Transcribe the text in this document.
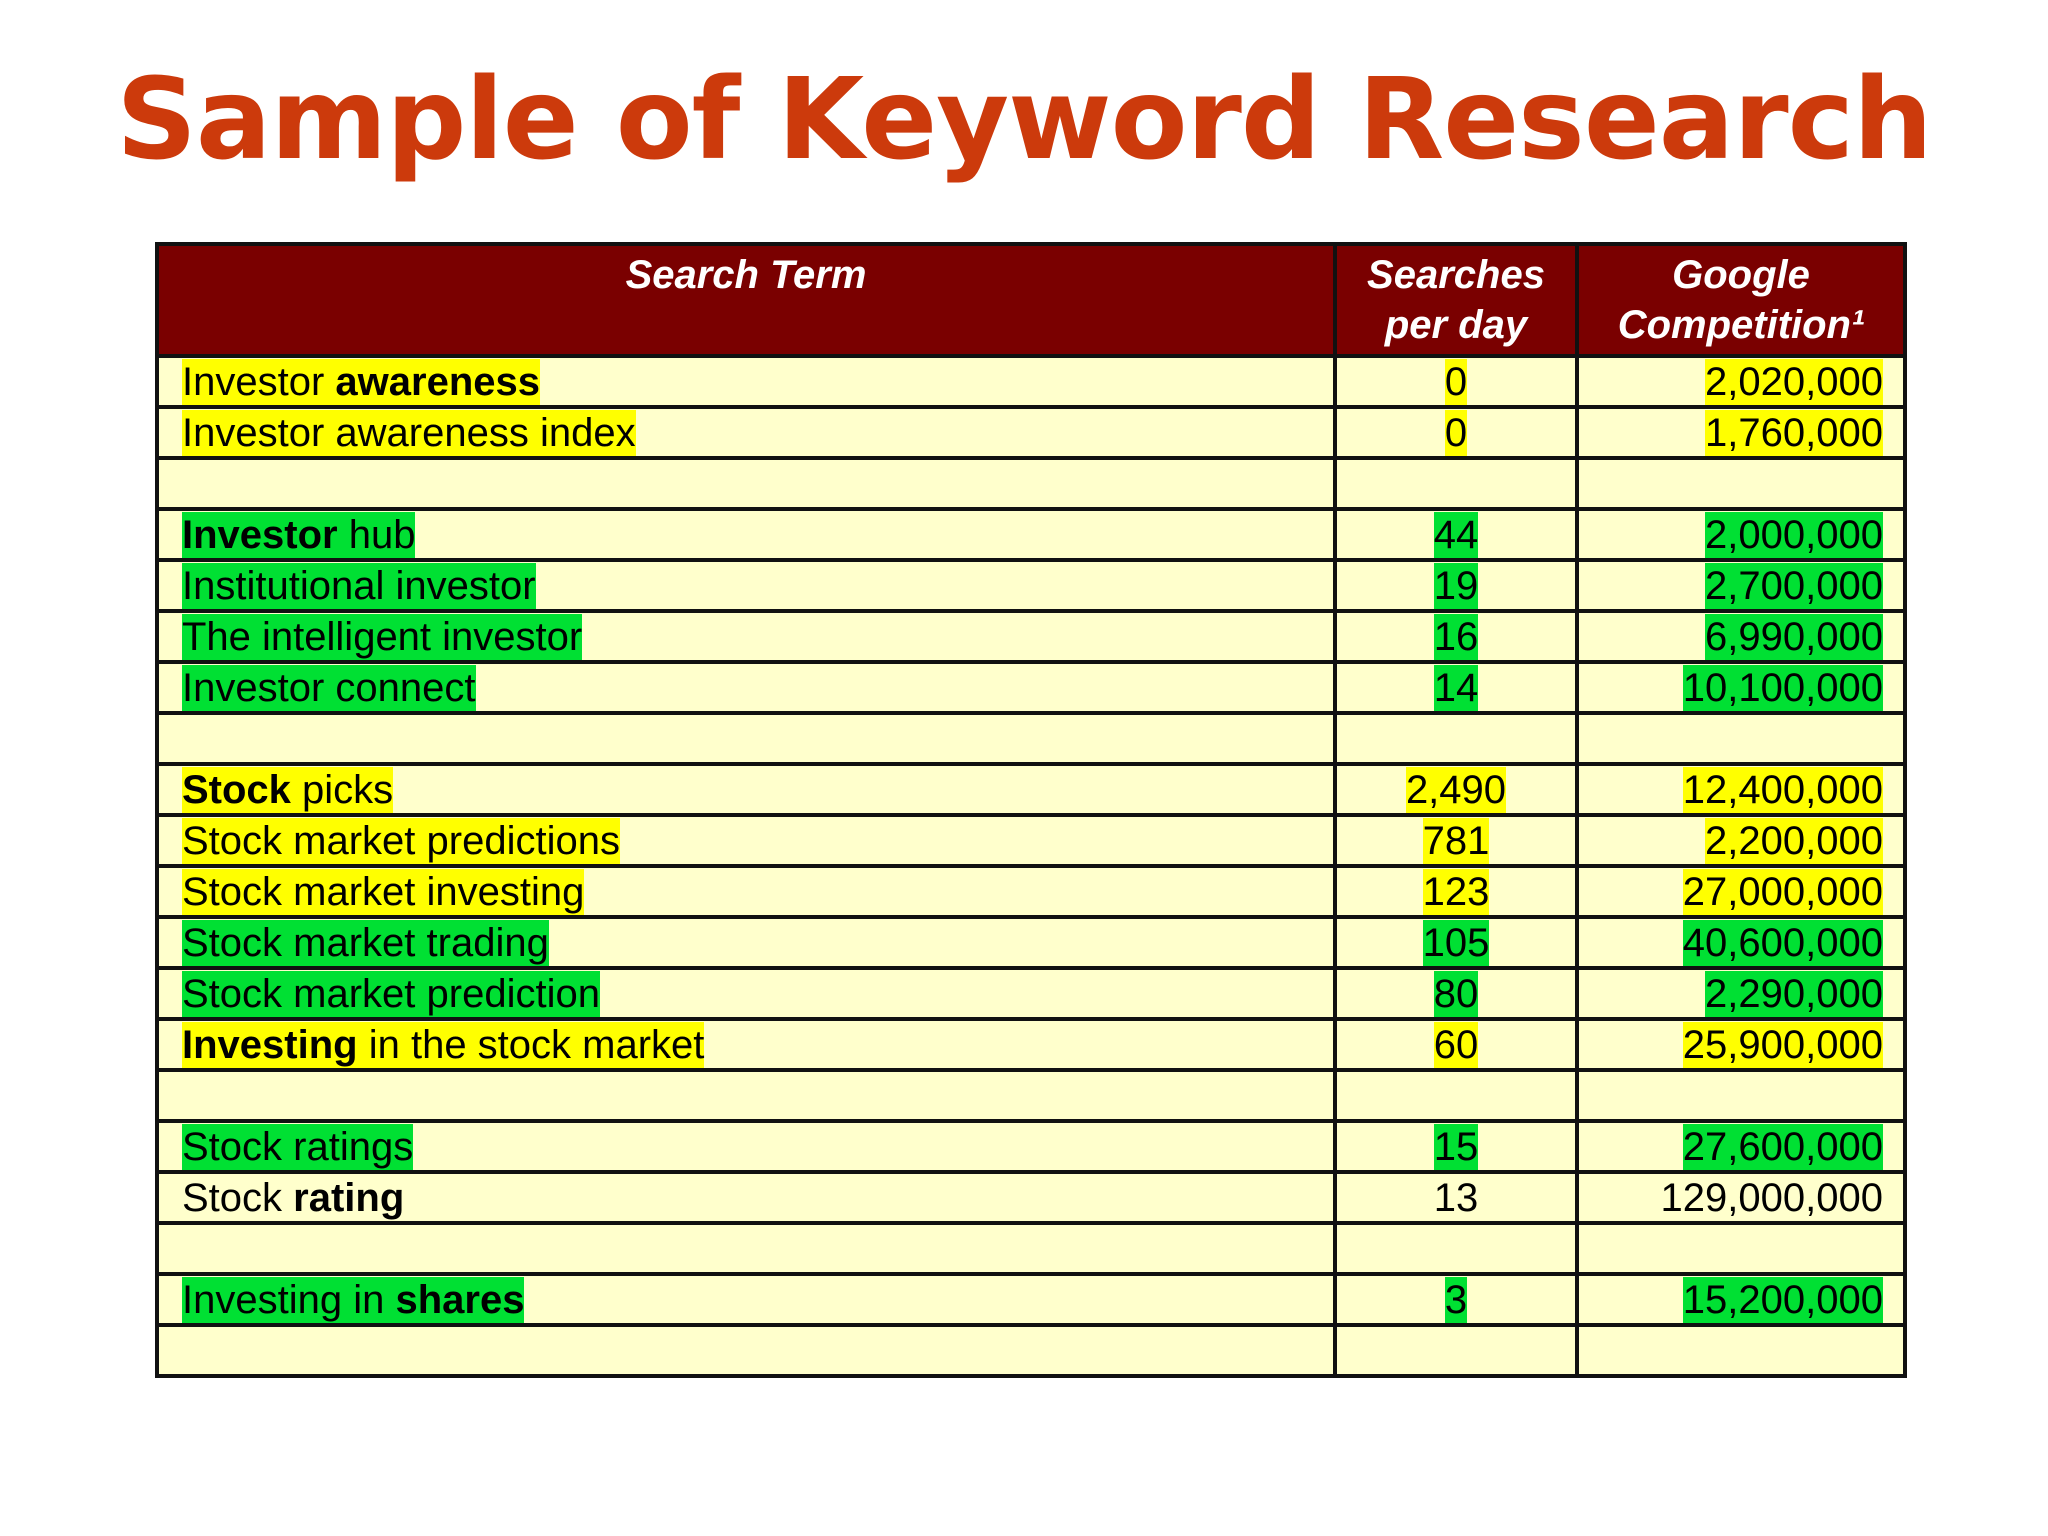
Sample of Keyword Research
Search Term	Searches per day	Google Competition¹
Investor awareness	0	2,020,000
Investor awareness index	0	1,760,000

Investor hub	44	2,000,000
Institutional investor	19	2,700,000
The intelligent investor	16	6,990,000
Investor connect	14	10,100,000

Stock picks	2,490	12,400,000
Stock market predictions	781	2,200,000
Stock market investing	123	27,000,000
Stock market trading	105	40,600,000
Stock market prediction	80	2,290,000
Investing in the stock market	60	25,900,000

Stock ratings	15	27,600,000
Stock rating	13	129,000,000

Investing in shares	3	15,200,000
